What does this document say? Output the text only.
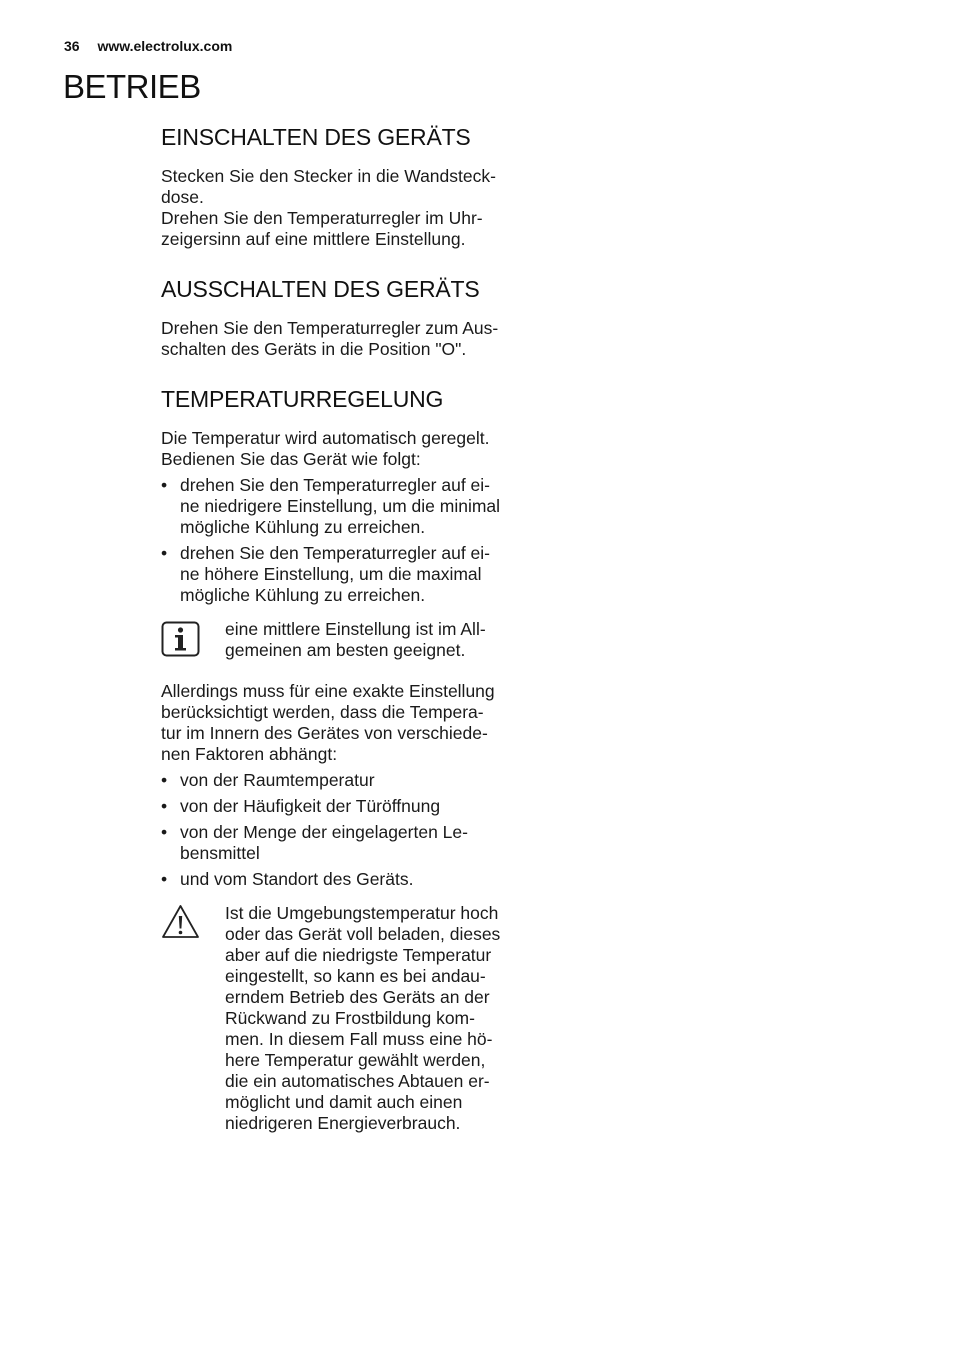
36 www.electrolux.com
BETRIEB
EINSCHALTEN DES GERÄTS

Stecken Sie den Stecker in die Wandsteck-
dose.
Drehen Sie den Temperaturregler im Uhr-
zeigersinn auf eine mittlere Einstellung.

AUSSCHALTEN DES GERÄTS

Drehen Sie den Temperaturregler zum Aus-
schalten des Geräts in die Position "O".

TEMPERATURREGELUNG

Die Temperatur wird automatisch geregelt.
Bedienen Sie das Gerät wie folgt:

• drehen Sie den Temperaturregler auf ei-
ne niedrigere Einstellung, um die minimal
mögliche Kühlung zu erreichen.
• drehen Sie den Temperaturregler auf ei-
ne höhere Einstellung, um die maximal
mögliche Kühlung zu erreichen.

eine mittlere Einstellung ist im All-
gemeinen am besten geeignet.

Allerdings muss für eine exakte Einstellung
berücksichtigt werden, dass die Tempera-
tur im Innern des Gerätes von verschiede-
nen Faktoren abhängt:

• von der Raumtemperatur
• von der Häufigkeit der Türöffnung
• von der Menge der eingelagerten Le-
bensmittel
• und vom Standort des Geräts.

Ist die Umgebungstemperatur hoch
oder das Gerät voll beladen, dieses
aber auf die niedrigste Temperatur
eingestellt, so kann es bei andau-
erndem Betrieb des Geräts an der
Rückwand zu Frostbildung kom-
men. In diesem Fall muss eine hö-
here Temperatur gewählt werden,
die ein automatisches Abtauen er-
möglicht und damit auch einen
niedrigeren Energieverbrauch.
